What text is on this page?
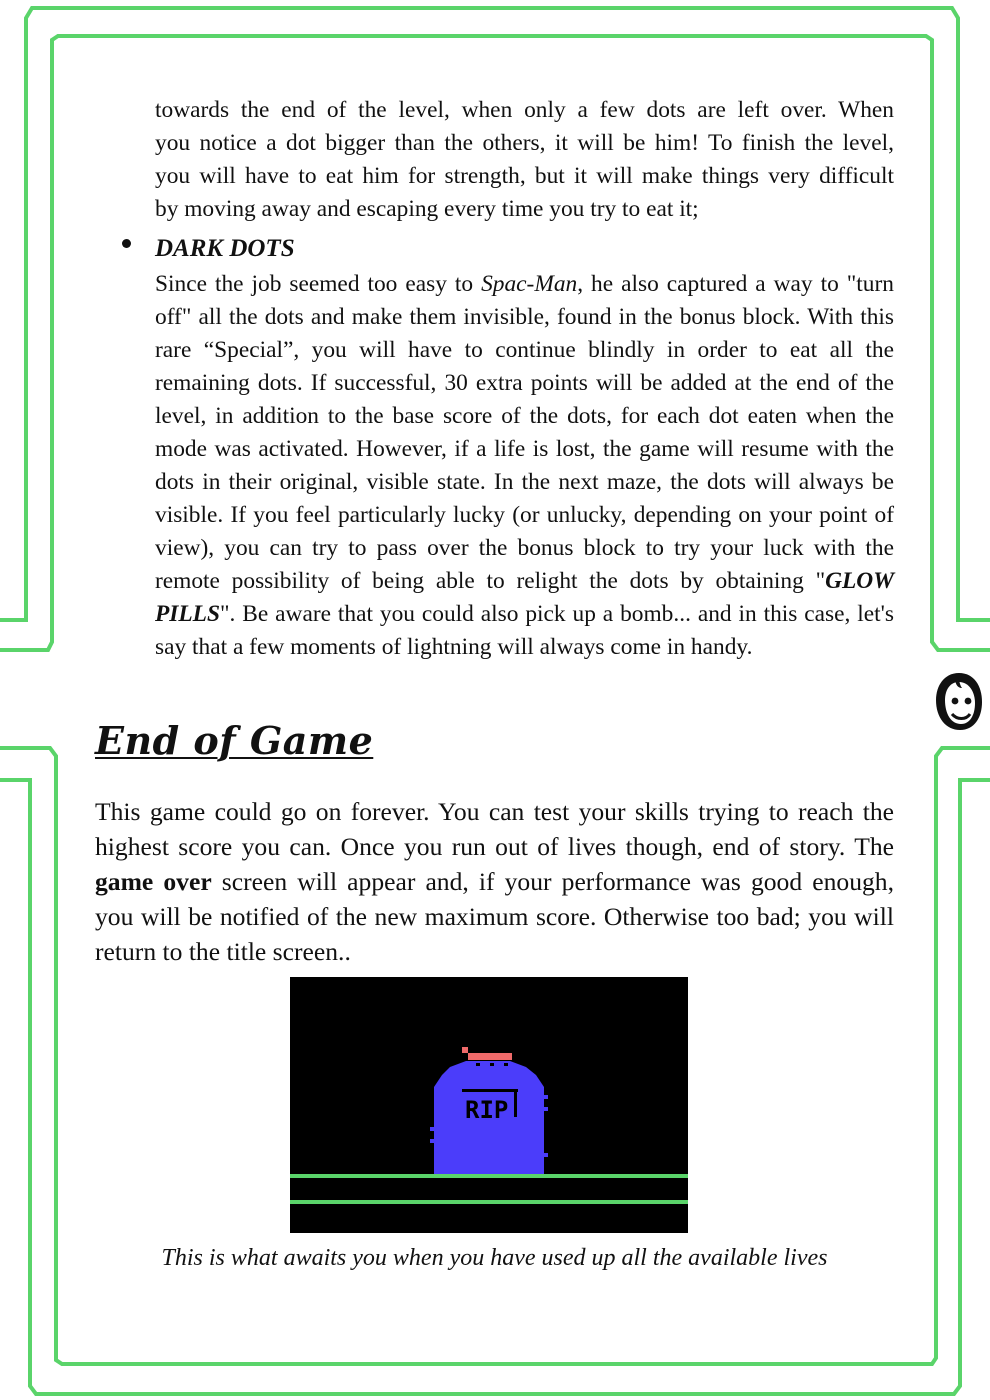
towards the end of the level, when only a few dots are left over. When
you notice a dot bigger than the others, it will be him! To finish the level,
you will have to eat him for strength, but it will make things very difficult
by moving away and escaping every time you try to eat it;

DARK DOTS

Since the job seemed too easy to Spac-Man, he also captured a way to "turn off" all the dots and make them invisible, found in the bonus block. With this rare “Special”, you will have to continue blindly in order to eat all the remaining dots. If successful, 30 extra points will be added at the end of the level, in addition to the base score of the dots, for each dot eaten when the mode was activated. However, if a life is lost, the game will resume with the dots in their original, visible state. In the next maze, the dots will always be visible. If you feel particularly lucky (or unlucky, depending on your point of view), you can try to pass over the bonus block to try your luck with the remote possibility of being able to relight the dots by obtaining "GLOW PILLS". Be aware that you could also pick up a bomb... and in this case, let's say that a few moments of lightning will always come in handy.

End of Game

This game could go on forever. You can test your skills trying to reach the highest score you can. Once you run out of lives though, end of story. The game over screen will appear and, if your performance was good enough, you will be notified of the new maximum score. Otherwise too bad; you will return to the title screen..

RIP
This is what awaits you when you have used up all the available lives
